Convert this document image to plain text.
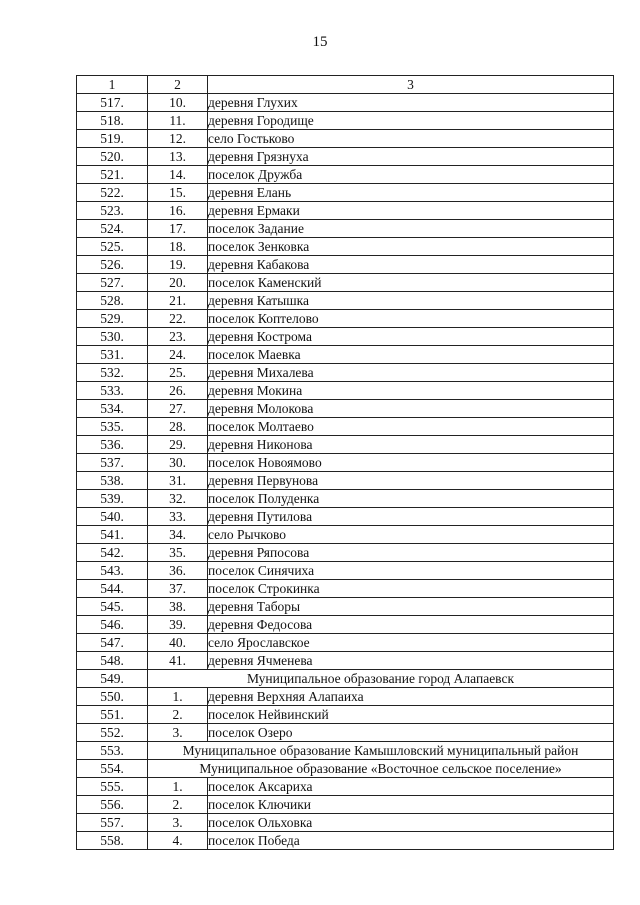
15
1	2	3
517.	10.	деревня Глухих
518.	11.	деревня Городище
519.	12.	село Гостьково
520.	13.	деревня Грязнуха
521.	14.	поселок Дружба
522.	15.	деревня Елань
523.	16.	деревня Ермаки
524.	17.	поселок Задание
525.	18.	поселок Зенковка
526.	19.	деревня Кабакова
527.	20.	поселок Каменский
528.	21.	деревня Катышка
529.	22.	поселок Коптелово
530.	23.	деревня Кострома
531.	24.	поселок Маевка
532.	25.	деревня Михалева
533.	26.	деревня Мокина
534.	27.	деревня Молокова
535.	28.	поселок Молтаево
536.	29.	деревня Никонова
537.	30.	поселок Новоямово
538.	31.	деревня Первунова
539.	32.	поселок Полуденка
540.	33.	деревня Путилова
541.	34.	село Рычково
542.	35.	деревня Ряпосова
543.	36.	поселок Синячиха
544.	37.	поселок Строкинка
545.	38.	деревня Таборы
546.	39.	деревня Федосова
547.	40.	село Ярославское
548.	41.	деревня Ячменева
549.	Муниципальное образование город Алапаевск	
550.	1.	деревня Верхняя Алапаиха
551.	2.	поселок Нейвинский
552.	3.	поселок Озеро
553.	Муниципальное образование Камышловский муниципальный район	
554.	Муниципальное образование «Восточное сельское поселение»	
555.	1.	поселок Аксариха
556.	2.	поселок Ключики
557.	3.	поселок Ольховка
558.	4.	поселок Победа
